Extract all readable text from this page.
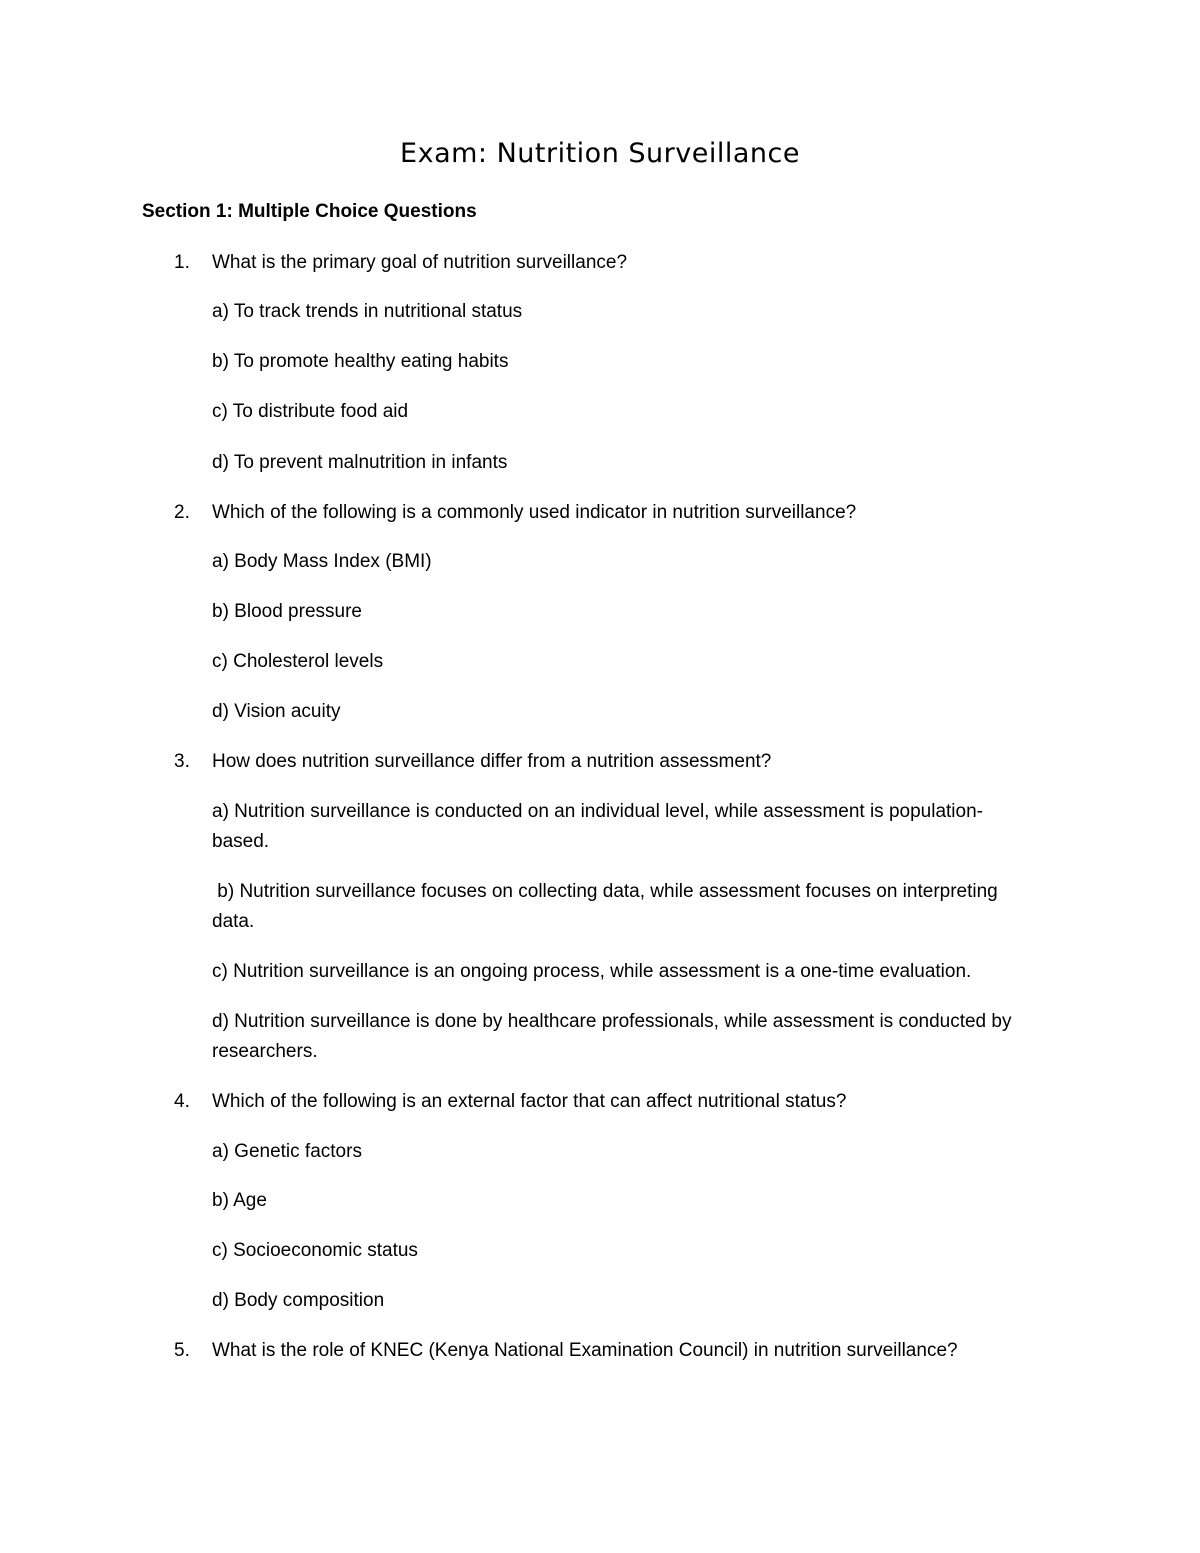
Exam: Nutrition Surveillance
Section 1: Multiple Choice Questions
1. What is the primary goal of nutrition surveillance?
a) To track trends in nutritional status
b) To promote healthy eating habits
c) To distribute food aid
d) To prevent malnutrition in infants
2. Which of the following is a commonly used indicator in nutrition surveillance?
a) Body Mass Index (BMI)
b) Blood pressure
c) Cholesterol levels
d) Vision acuity
3. How does nutrition surveillance differ from a nutrition assessment?
a) Nutrition surveillance is conducted on an individual level, while assessment is population-based.
b) Nutrition surveillance focuses on collecting data, while assessment focuses on interpreting data.
c) Nutrition surveillance is an ongoing process, while assessment is a one-time evaluation.
d) Nutrition surveillance is done by healthcare professionals, while assessment is conducted by researchers.
4. Which of the following is an external factor that can affect nutritional status?
a) Genetic factors
b) Age
c) Socioeconomic status
d) Body composition
5. What is the role of KNEC (Kenya National Examination Council) in nutrition surveillance?
